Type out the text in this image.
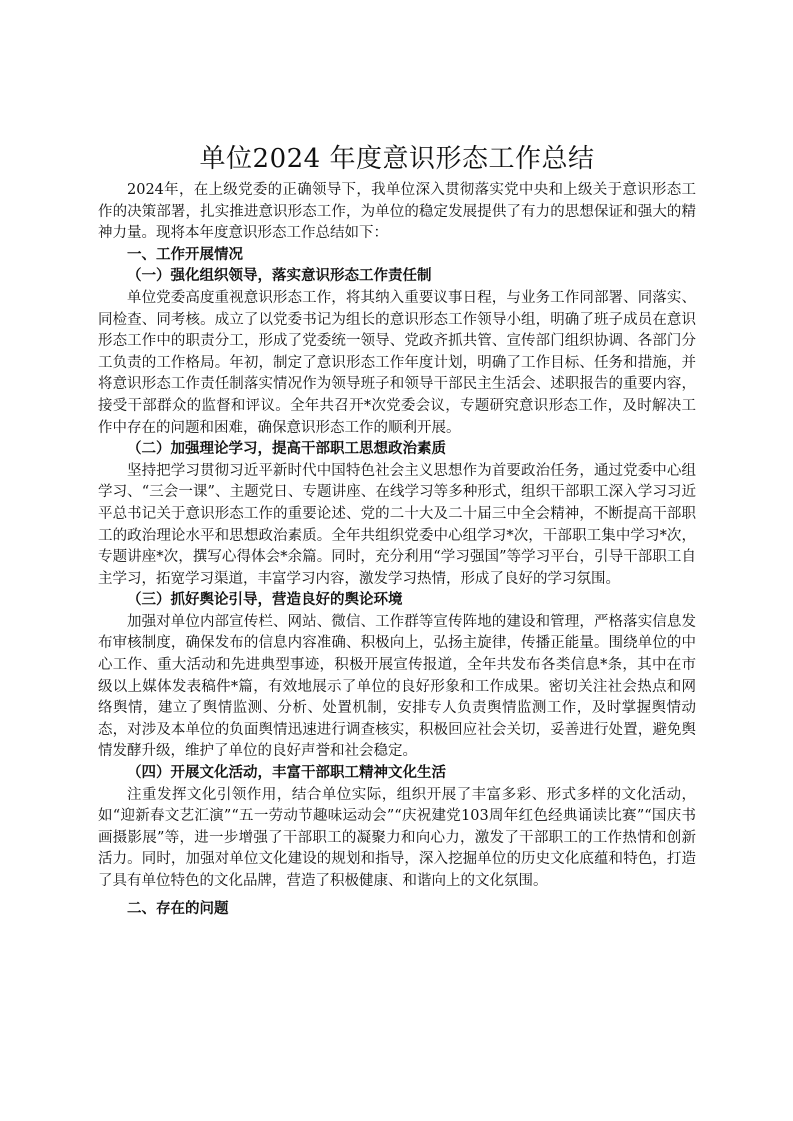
单位2024 年度意识形态工作总结

2024年，在上级党委的正确领导下，我单位深入贯彻落实党中央和上级关于意识形态工作的决策部署，扎实推进意识形态工作，为单位的稳定发展提供了有力的思想保证和强大的精神力量。现将本年度意识形态工作总结如下：

一、工作开展情况

（一）强化组织领导，落实意识形态工作责任制

单位党委高度重视意识形态工作，将其纳入重要议事日程，与业务工作同部署、同落实、同检查、同考核。成立了以党委书记为组长的意识形态工作领导小组，明确了班子成员在意识形态工作中的职责分工，形成了党委统一领导、党政齐抓共管、宣传部门组织协调、各部门分工负责的工作格局。年初，制定了意识形态工作年度计划，明确了工作目标、任务和措施，并将意识形态工作责任制落实情况作为领导班子和领导干部民主生活会、述职报告的重要内容，接受干部群众的监督和评议。全年共召开*次党委会议，专题研究意识形态工作，及时解决工作中存在的问题和困难，确保意识形态工作的顺利开展。

（二）加强理论学习，提高干部职工思想政治素质

坚持把学习贯彻习近平新时代中国特色社会主义思想作为首要政治任务，通过党委中心组学习、“三会一课”、主题党日、专题讲座、在线学习等多种形式，组织干部职工深入学习习近平总书记关于意识形态工作的重要论述、党的二十大及二十届三中全会精神，不断提高干部职工的政治理论水平和思想政治素质。全年共组织党委中心组学习*次，干部职工集中学习*次，专题讲座*次，撰写心得体会*余篇。同时，充分利用“学习强国”等学习平台，引导干部职工自主学习，拓宽学习渠道，丰富学习内容，激发学习热情，形成了良好的学习氛围。

（三）抓好舆论引导，营造良好的舆论环境

加强对单位内部宣传栏、网站、微信、工作群等宣传阵地的建设和管理，严格落实信息发布审核制度，确保发布的信息内容准确、积极向上，弘扬主旋律，传播正能量。围绕单位的中心工作、重大活动和先进典型事迹，积极开展宣传报道，全年共发布各类信息*条，其中在市级以上媒体发表稿件*篇，有效地展示了单位的良好形象和工作成果。密切关注社会热点和网络舆情，建立了舆情监测、分析、处置机制，安排专人负责舆情监测工作，及时掌握舆情动态，对涉及本单位的负面舆情迅速进行调查核实，积极回应社会关切，妥善进行处置，避免舆情发酵升级，维护了单位的良好声誉和社会稳定。

（四）开展文化活动，丰富干部职工精神文化生活

注重发挥文化引领作用，结合单位实际，组织开展了丰富多彩、形式多样的文化活动，如“迎新春文艺汇演”“五一劳动节趣味运动会”“庆祝建党103周年红色经典诵读比赛”“国庆书画摄影展”等，进一步增强了干部职工的凝聚力和向心力，激发了干部职工的工作热情和创新活力。同时，加强对单位文化建设的规划和指导，深入挖掘单位的历史文化底蕴和特色，打造了具有单位特色的文化品牌，营造了积极健康、和谐向上的文化氛围。

二、存在的问题
